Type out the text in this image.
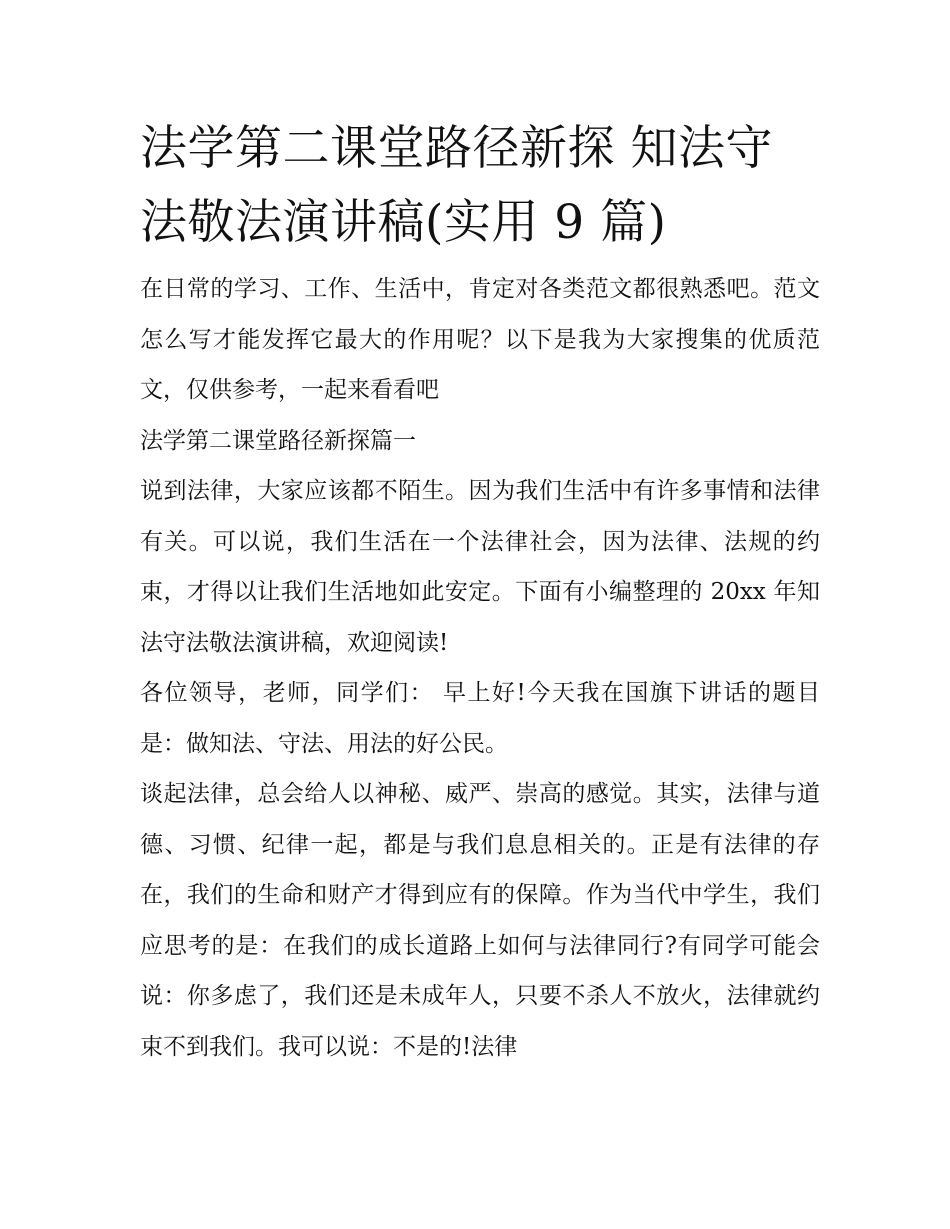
法学第二课堂路径新探 知法守
法敬法演讲稿(实用 9 篇)

在日常的学习、工作、生活中，肯定对各类范文都很熟悉吧。范文怎么写才能发挥它最大的作用呢？以下是我为大家搜集的优质范文，仅供参考，一起来看看吧

法学第二课堂路径新探篇一

说到法律，大家应该都不陌生。因为我们生活中有许多事情和法律有关。可以说，我们生活在一个法律社会，因为法律、法规的约束，才得以让我们生活地如此安定。下面有小编整理的 20xx 年知法守法敬法演讲稿，欢迎阅读!

各位领导，老师，同学们： 早上好!今天我在国旗下讲话的题目是：做知法、守法、用法的好公民。

谈起法律，总会给人以神秘、威严、崇高的感觉。其实，法律与道德、习惯、纪律一起，都是与我们息息相关的。正是有法律的存在，我们的生命和财产才得到应有的保障。作为当代中学生，我们应思考的是：在我们的成长道路上如何与法律同行?有同学可能会说：你多虑了，我们还是未成年人，只要不杀人不放火，法律就约束不到我们。我可以说：不是的!法律
